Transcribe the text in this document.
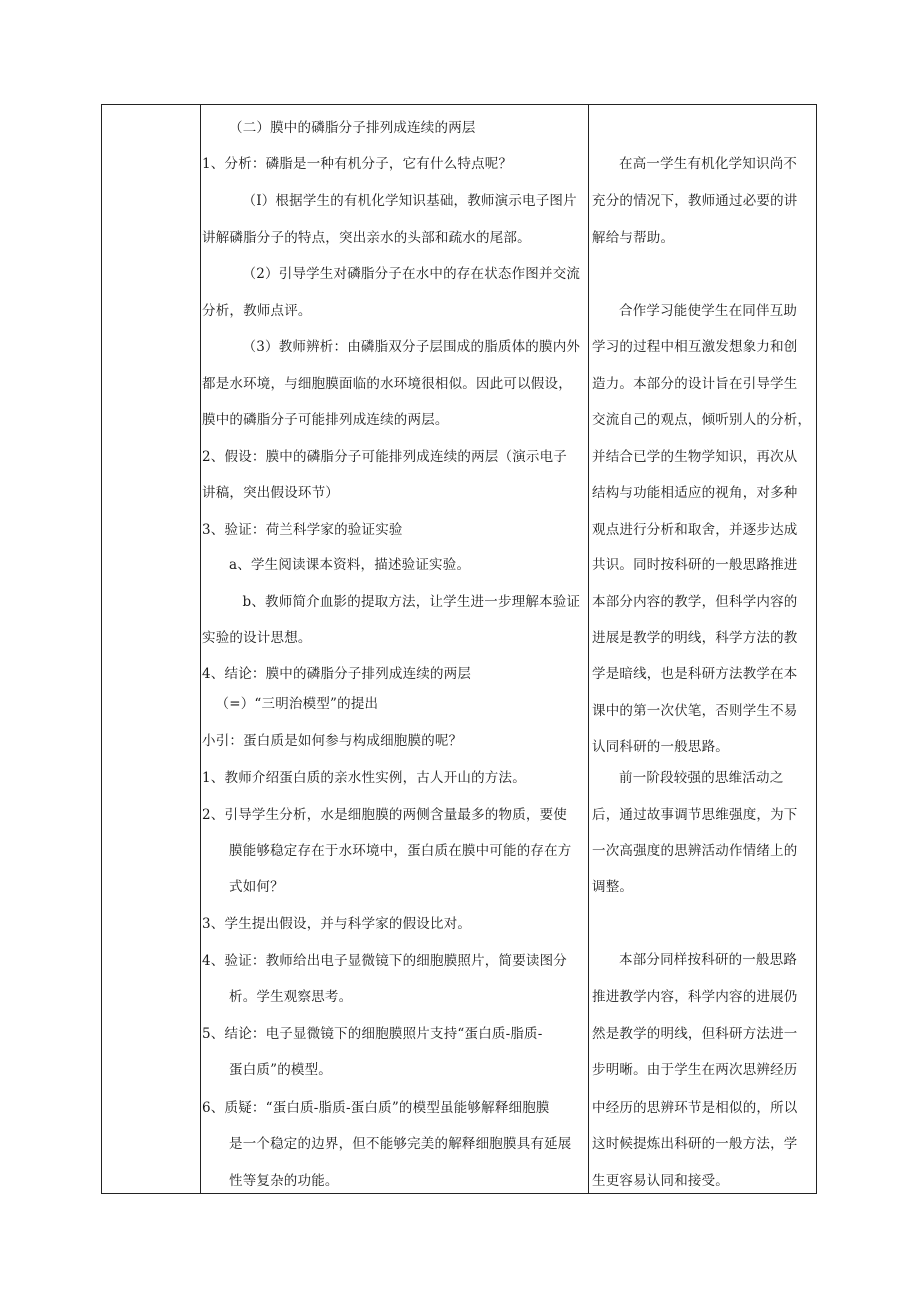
（二）膜中的磷脂分子排列成连续的两层
1、分析：磷脂是一种有机分子，它有什么特点呢？
（I）根据学生的有机化学知识基础，教师演示电子图片
讲解磷脂分子的特点，突出亲水的头部和疏水的尾部。
（2）引导学生对磷脂分子在水中的存在状态作图并交流
分析，教师点评。
（3）教师辨析：由磷脂双分子层围成的脂质体的膜内外
都是水环境，与细胞膜面临的水环境很相似。因此可以假设，
膜中的磷脂分子可能排列成连续的两层。
2、假设：膜中的磷脂分子可能排列成连续的两层（演示电子
讲稿，突出假设环节）
3、验证：荷兰科学家的验证实验
a、学生阅读课本资料，描述验证实验。
b、教师简介血影的提取方法，让学生进一步理解本验证
实验的设计思想。
4、结论：膜中的磷脂分子排列成连续的两层
（=）“三明治模型”的提出
小引：蛋白质是如何参与构成细胞膜的呢？
1、教师介绍蛋白质的亲水性实例，古人开山的方法。
2、引导学生分析，水是细胞膜的两侧含量最多的物质，要使
膜能够稳定存在于水环境中，蛋白质在膜中可能的存在方
式如何？
3、学生提出假设，并与科学家的假设比对。
4、验证：教师给出电子显微镜下的细胞膜照片，简要读图分
析。学生观察思考。
5、结论：电子显微镜下的细胞膜照片支持“蛋白质-脂质-
蛋白质”的模型。
6、质疑：“蛋白质-脂质-蛋白质”的模型虽能够解释细胞膜
是一个稳定的边界，但不能够完美的解释细胞膜具有延展
性等复杂的功能。
在高一学生有机化学知识尚不
充分的情况下，教师通过必要的讲
解给与帮助。
合作学习能使学生在同伴互助
学习的过程中相互激发想象力和创
造力。本部分的设计旨在引导学生
交流自己的观点，倾听别人的分析，
并结合已学的生物学知识，再次从
结构与功能相适应的视角，对多种
观点进行分析和取舍，并逐步达成
共识。同时按科研的一般思路推进
本部分内容的教学，但科学内容的
进展是教学的明线，科学方法的教
学是暗线，也是科研方法教学在本
课中的第一次伏笔，否则学生不易
认同科研的一般思路。
前一阶段较强的思维活动之
后，通过故事调节思维强度，为下
一次高强度的思辨活动作情绪上的
调整。
本部分同样按科研的一般思路
推进教学内容，科学内容的进展仍
然是教学的明线，但科研方法进一
步明晰。由于学生在两次思辨经历
中经历的思辨环节是相似的，所以
这时候提炼出科研的一般方法，学
生更容易认同和接受。
